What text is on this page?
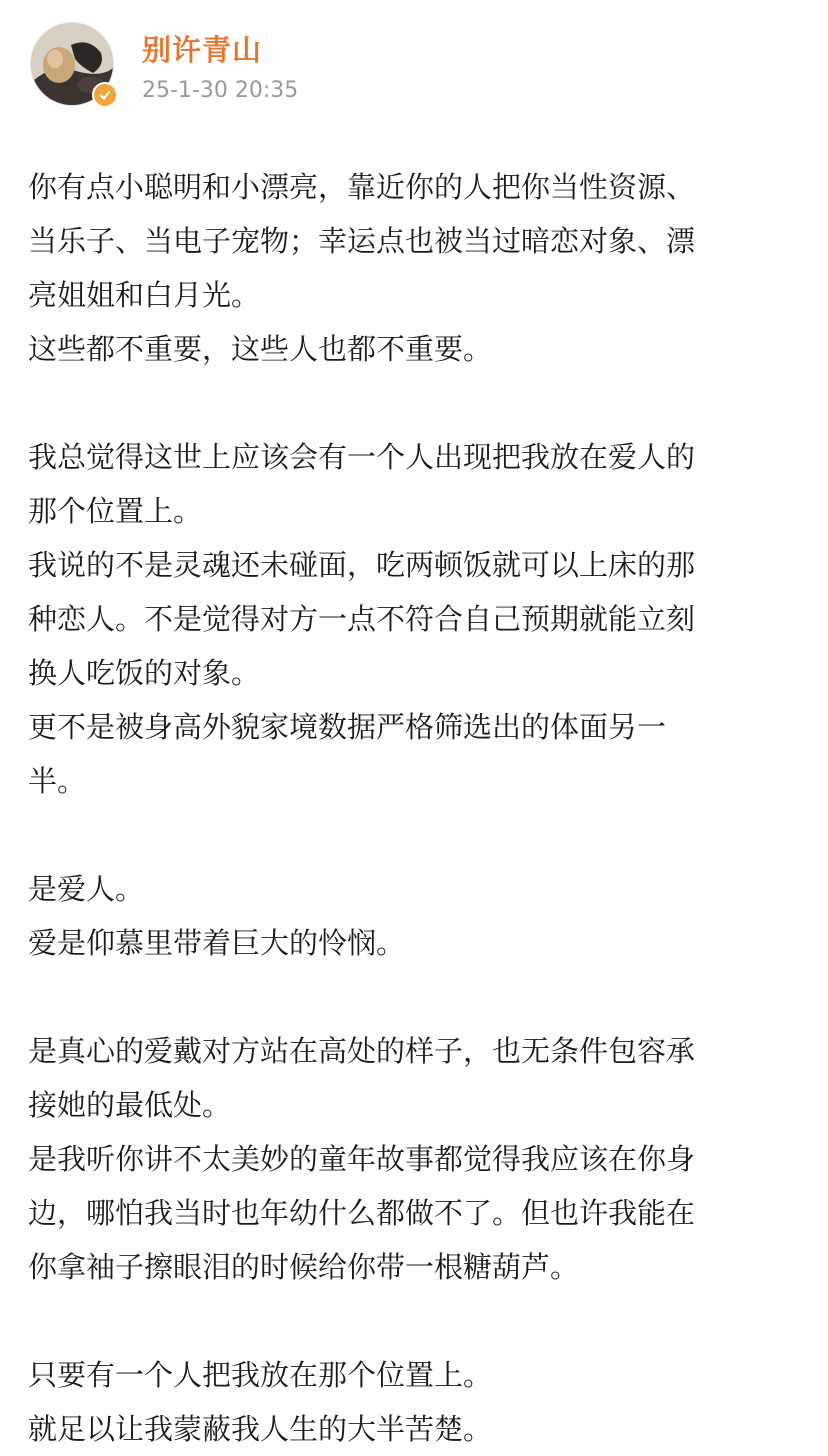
别许青山
25-1-30 20:35
你有点小聪明和小漂亮，靠近你的人把你当性资源、
当乐子、当电子宠物；幸运点也被当过暗恋对象、漂
亮姐姐和白月光。
这些都不重要，这些人也都不重要。
我总觉得这世上应该会有一个人出现把我放在爱人的
那个位置上。
我说的不是灵魂还未碰面，吃两顿饭就可以上床的那
种恋人。不是觉得对方一点不符合自己预期就能立刻
换人吃饭的对象。
更不是被身高外貌家境数据严格筛选出的体面另一
半。
是爱人。
爱是仰慕里带着巨大的怜悯。
是真心的爱戴对方站在高处的样子，也无条件包容承
接她的最低处。
是我听你讲不太美妙的童年故事都觉得我应该在你身
边，哪怕我当时也年幼什么都做不了。但也许我能在
你拿袖子擦眼泪的时候给你带一根糖葫芦。
只要有一个人把我放在那个位置上。
就足以让我蒙蔽我人生的大半苦楚。
